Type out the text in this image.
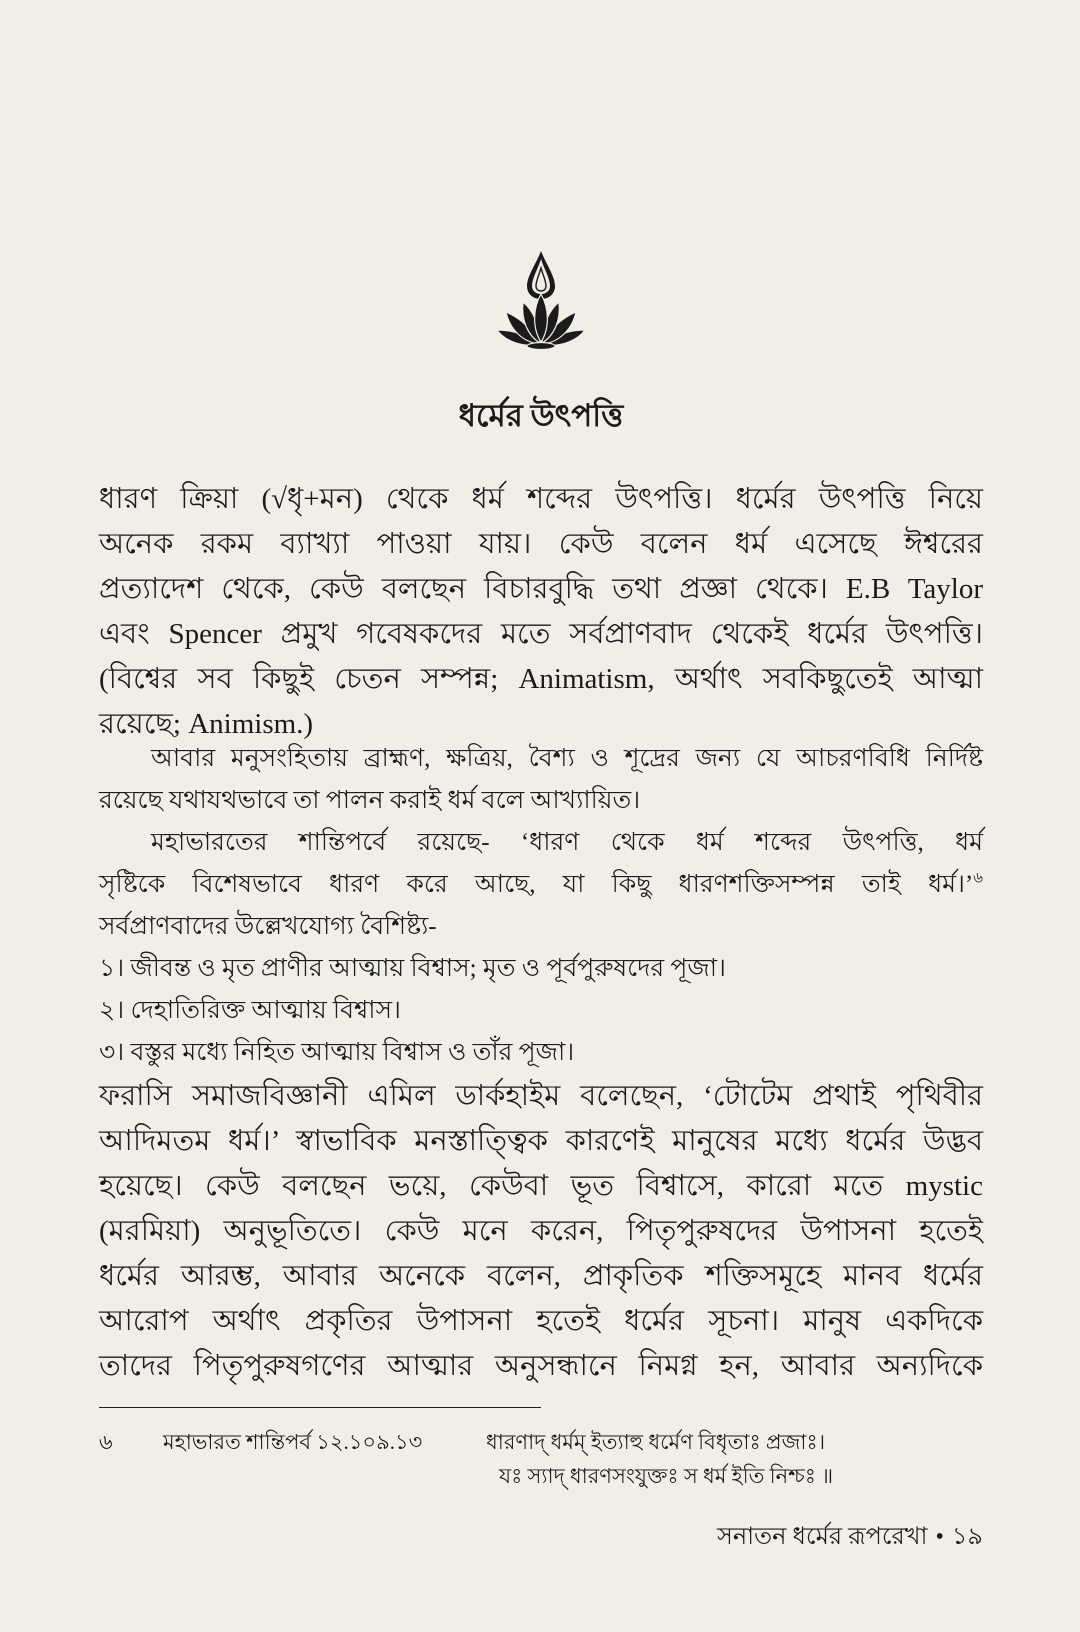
ধর্মের উৎপত্তি
ধারণ ক্রিয়া (√ধৃ+মন) থেকে ধর্ম শব্দের উৎপত্তি। ধর্মের উৎপত্তি নিয়ে
অনেক রকম ব্যাখ্যা পাওয়া যায়। কেউ বলেন ধর্ম এসেছে ঈশ্বরের
প্রত্যাদেশ থেকে, কেউ বলছেন বিচারবুদ্ধি তথা প্রজ্ঞা থেকে। E.B Taylor
এবং Spencer প্রমুখ গবেষকদের মতে সর্বপ্রাণবাদ থেকেই ধর্মের উৎপত্তি।
(বিশ্বের সব কিছুই চেতন সম্পন্ন; Animatism, অর্থাৎ সবকিছুতেই আত্মা
রয়েছে; Animism.)
আবার মনুসংহিতায় ব্রাহ্মণ, ক্ষত্রিয়, বৈশ্য ও শূদ্রের জন্য যে আচরণবিধি নির্দিষ্ট
রয়েছে যথাযথভাবে তা পালন করাই ধর্ম বলে আখ্যায়িত।
মহাভারতের শান্তিপর্বে রয়েছে- ‘ধারণ থেকে ধর্ম শব্দের উৎপত্তি, ধর্ম
সৃষ্টিকে বিশেষভাবে ধারণ করে আছে, যা কিছু ধারণশক্তিসম্পন্ন তাই ধর্ম।’$^৬$
সর্বপ্রাণবাদের উল্লেখযোগ্য বৈশিষ্ট্য-
১। জীবন্ত ও মৃত প্রাণীর আত্মায় বিশ্বাস; মৃত ও পূর্বপুরুষদের পূজা।
২। দেহাতিরিক্ত আত্মায় বিশ্বাস।
৩। বস্তুর মধ্যে নিহিত আত্মায় বিশ্বাস ও তাঁর পূজা।
ফরাসি সমাজবিজ্ঞানী এমিল ডার্কহাইম বলেছেন, ‘টোটেম প্রথাই পৃথিবীর
আদিমতম ধর্ম।’ স্বাভাবিক মনস্তাত্ত্বিক কারণেই মানুষের মধ্যে ধর্মের উদ্ভব
হয়েছে। কেউ বলছেন ভয়ে, কেউবা ভূত বিশ্বাসে, কারো মতে mystic
(মরমিয়া) অনুভূতিতে। কেউ মনে করেন, পিতৃপুরুষদের উপাসনা হতেই
ধর্মের আরম্ভ, আবার অনেকে বলেন, প্রাকৃতিক শক্তিসমূহে মানব ধর্মের
আরোপ অর্থাৎ প্রকৃতির উপাসনা হতেই ধর্মের সূচনা। মানুষ একদিকে
তাদের পিতৃপুরুষগণের আত্মার অনুসন্ধানে নিমগ্ন হন, আবার অন্যদিকে
৬	মহাভারত শান্তিপর্ব ১২.১০৯.১৩	ধারণাদ্ ধর্মম্ ইত্যাহু ধর্মেণ বিধৃতাঃ প্রজাঃ।
যঃ স্যাদ্ ধারণসংযুক্তঃ স ধর্ম ইতি নিশ্চঃ ॥
সনাতন ধর্মের রূপরেখা • ১৯
